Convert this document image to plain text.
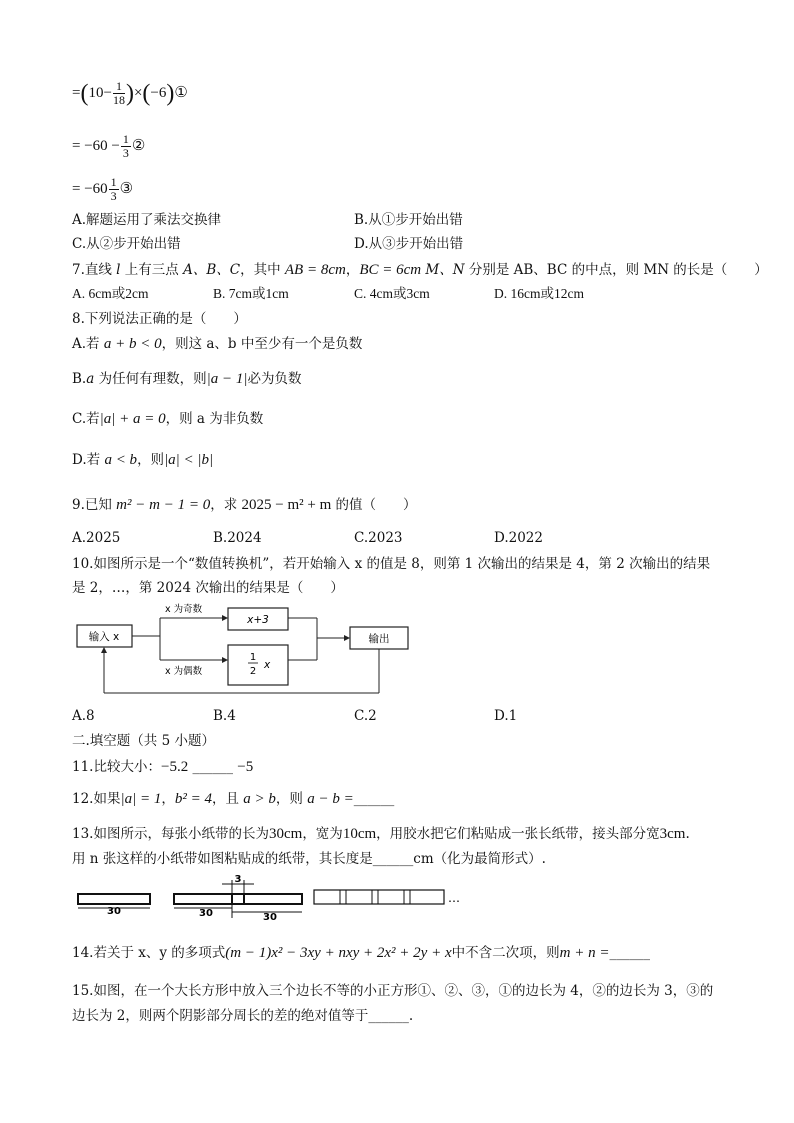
$=(10- \frac{1}{18}$ )×(−6)①
= $-60 - \frac{1}{3}$ ②
= $-60 \frac{1}{3}$ ③
A.解题运用了乘法交换律	B.从①步开始出错
C.从②步开始出错	D.从③步开始出错
7.直线 l 上有三点 A、B、C，其中 AB = 8cm，BC = 6cm M、N 分别是 AB、BC 的中点，则 MN 的长是（　　）
A. 6cm或2cm	B. 7cm或1cm	C. 4cm或3cm	D. 16cm或12cm
8.下列说法正确的是（　　）
A.若 a + b < 0，则这 a、b 中至少有一个是负数
B.a 为任何有理数，则|a − 1|必为负数
C.若|a| + a = 0，则 a 为非负数
D.若 a < b，则|a| < |b|
9.已知 m² − m − 1 = 0，求 2025 − m² + m 的值（　　）
A.2025	B.2024	C.2023	D.2022
10.如图所示是一个“数值转换机”，若开始输入 x 的值是 8，则第 1 次输出的结果是 4，第 2 次输出的结果
是 2，…，第 2024 次输出的结果是（　　）
输入 x
x 为奇数
x+3
x 为偶数
1
2
x
输出
A.8	B.4	C.2	D.1
二.填空题（共 5 小题）
11.比较大小：−5.2 ______ −5
12.如果|a| = 1，b² = 4，且 a > b，则 a − b =______
13.如图所示，每张小纸带的长为30cm，宽为10cm，用胶水把它们粘贴成一张长纸带，接头部分宽3cm.
用 n 张这样的小纸带如图粘贴成的纸带，其长度是______cm（化为最简形式）.
30
3
30	30
…
14.若关于 x、y 的多项式(m − 1)x² − 3xy + nxy + 2x² + 2y + x中不含二次项，则m + n =______
15.如图，在一个大长方形中放入三个边长不等的小正方形①、②、③，①的边长为 4，②的边长为 3，③的
边长为 2，则两个阴影部分周长的差的绝对值等于______.
